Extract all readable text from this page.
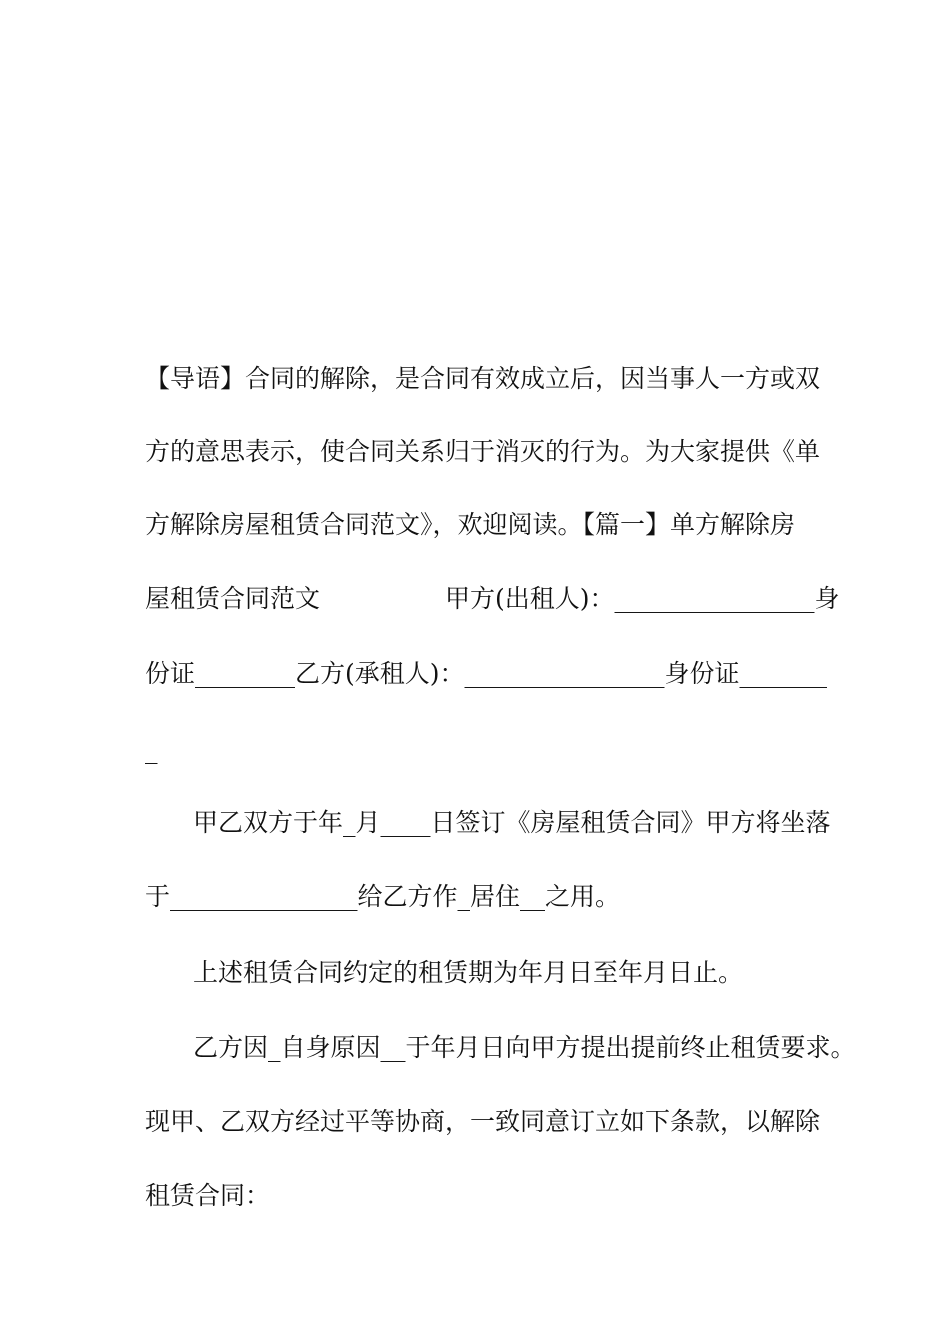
【导语】合同的解除，是合同有效成立后，因当事人一方或双
方的意思表示，使合同关系归于消灭的行为。为大家提供《单
方解除房屋租赁合同范文》，欢迎阅读。【篇一】单方解除房
屋租赁合同范文　　　　　甲方(出租人)：________________身
份证________乙方(承租人)：________________身份证_______
_
甲乙双方于年_月____日签订《房屋租赁合同》甲方将坐落
于_______________给乙方作_居住__之用。
上述租赁合同约定的租赁期为年月日至年月日止。
乙方因_自身原因__于年月日向甲方提出提前终止租赁要求。
现甲、乙双方经过平等协商，一致同意订立如下条款，以解除
租赁合同：
